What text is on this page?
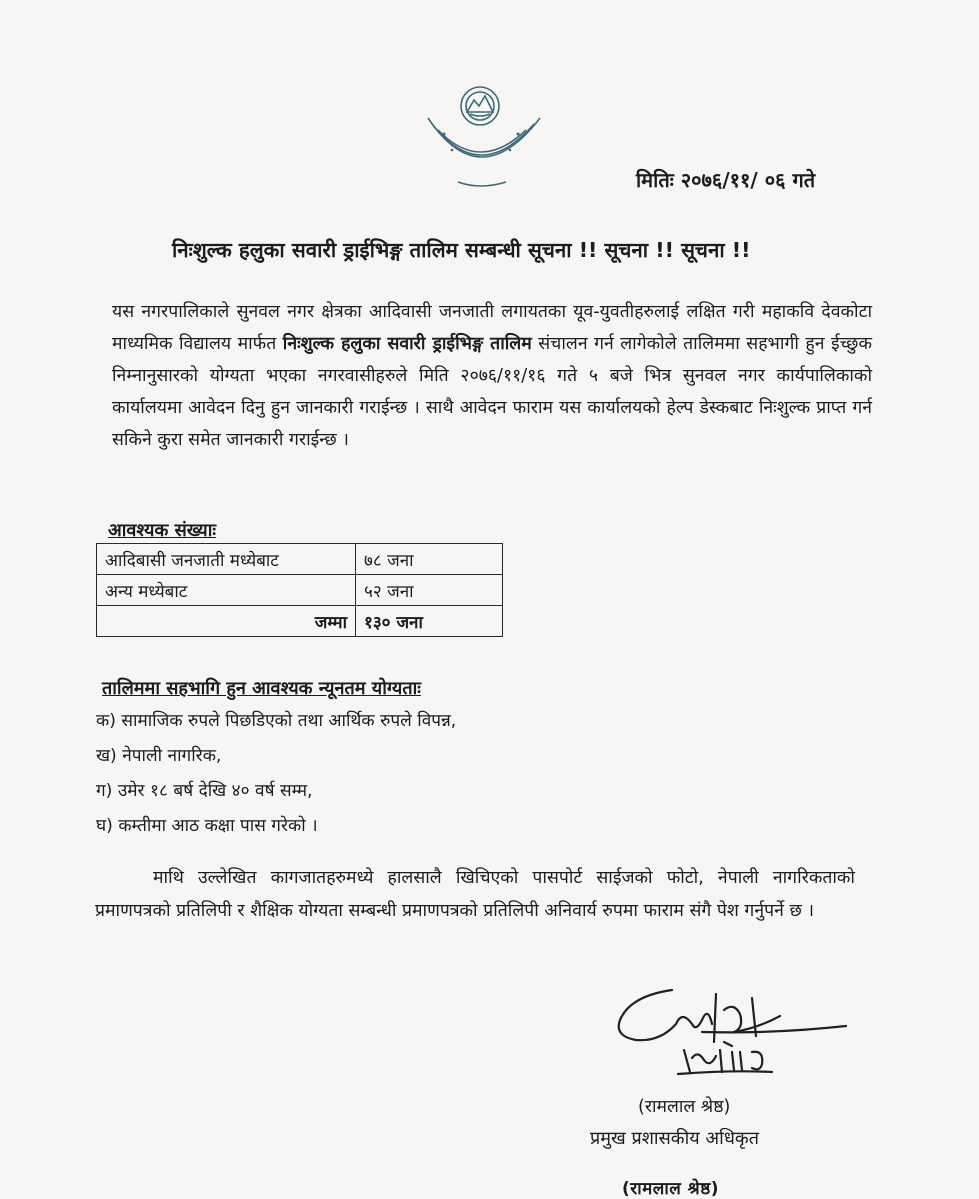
मितिः २०७६/११/ ०६ गते
निःशुल्क हलुका सवारी ड्राईभिङ्ग तालिम सम्बन्धी सूचना !! सूचना !! सूचना !!

यस नगरपालिकाले सुनवल नगर क्षेत्रका आदिवासी जनजाती लगायतका यूव-युवतीहरुलाई लक्षित गरी महाकवि देवकोटा माध्यमिक विद्यालय मार्फत निःशुल्क हलुका सवारी ड्राईभिङ्ग तालिम संचालन गर्न लागेकोले तालिममा सहभागी हुन ईच्छुक निम्नानुसारको योग्यता भएका नगरवासीहरुले मिति २०७६/११/१६ गते ५ बजे भित्र सुनवल नगर कार्यपालिकाको कार्यालयमा आवेदन दिनु हुन जानकारी गराईन्छ । साथै आवेदन फाराम यस कार्यालयको हेल्प डेस्कबाट निःशुल्क प्राप्त गर्न सकिने कुरा समेत जानकारी गराईन्छ ।

आवश्यक संख्याः
आदिबासी जनजाती मध्येबाट	७८ जना
अन्य मध्येबाट	५२ जना
जम्मा	१३० जना
तालिममा सहभागि हुन आवश्यक न्यूनतम योग्यताः
क) सामाजिक रुपले पिछडिएको तथा आर्थिक रुपले विपन्न,
ख) नेपाली नागरिक,
ग) उमेर १८ बर्ष देखि ४० वर्ष सम्म,
घ) कम्तीमा आठ कक्षा पास गरेको ।

माथि उल्लेखित कागजातहरुमध्ये हालसालै खिचिएको पासपोर्ट साईजको फोटो, नेपाली नागरिकताको प्रमाणपत्रको प्रतिलिपी र शैक्षिक योग्यता सम्बन्धी प्रमाणपत्रको प्रतिलिपी अनिवार्य रुपमा फाराम संगै पेश गर्नुपर्ने छ ।

(रामलाल श्रेष्ठ)
प्रमुख प्रशासकीय अधिकृत
(रामलाल श्रेष्ठ)
